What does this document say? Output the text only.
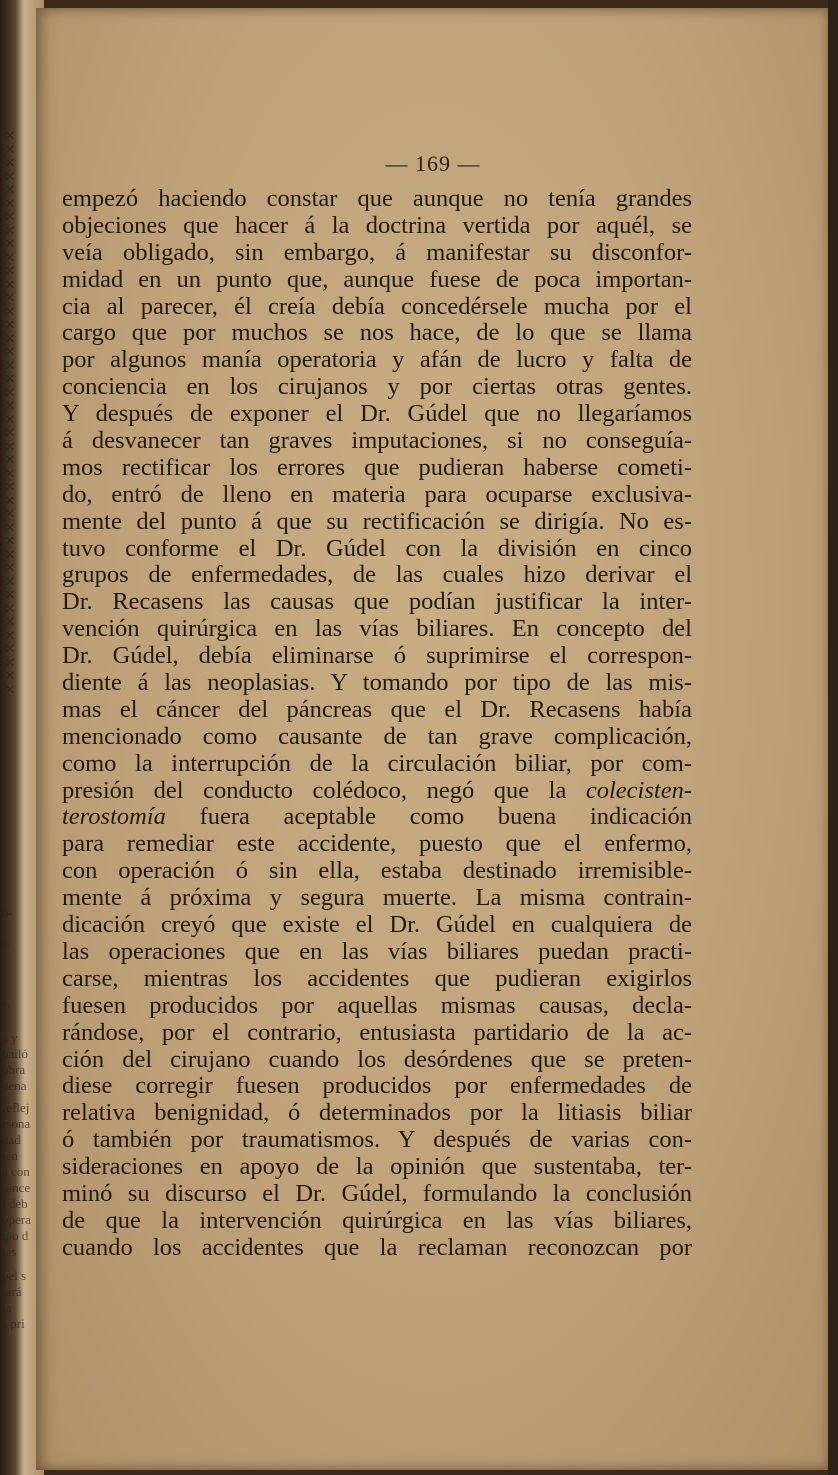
✕
✕
✕
✕
✕
✕
✕
✕
✕
✕
✕
✕
✕
✕
✕
✕
✕
✕
✕
✕
✕
✕
✕
✕
✕
✕
✕
✕
✕
✕
✕
✕
✕
✕
✕
✕
✕
✕
✕
✕
✕
✕
o-
i-
s,
a y
bailó
obra
dena
reflej
rsona
dad
ien
a con
uince
l deb
opera
ipo d
las
pel s
tará
la
s pri
— 169 —
empezó haciendo constar que aunque no tenía grandes
objeciones que hacer á la doctrina vertida por aquél, se
veía obligado, sin embargo, á manifestar su disconfor-
midad en un punto que, aunque fuese de poca importan-
cia al parecer, él creía debía concedérsele mucha por el
cargo que por muchos se nos hace, de lo que se llama
por algunos manía operatoria y afán de lucro y falta de
conciencia en los cirujanos y por ciertas otras gentes.
Y después de exponer el Dr. Gúdel que no llegaríamos
á desvanecer tan graves imputaciones, si no conseguía-
mos rectificar los errores que pudieran haberse cometi-
do, entró de lleno en materia para ocuparse exclusiva-
mente del punto á que su rectificación se dirigía. No es-
tuvo conforme el Dr. Gúdel con la división en cinco
grupos de enfermedades, de las cuales hizo derivar el
Dr. Recasens las causas que podían justificar la inter-
vención quirúrgica en las vías biliares. En concepto del
Dr. Gúdel, debía eliminarse ó suprimirse el correspon-
diente á las neoplasias. Y tomando por tipo de las mis-
mas el cáncer del páncreas que el Dr. Recasens había
mencionado como causante de tan grave complicación,
como la interrupción de la circulación biliar, por com-
presión del conducto colédoco, negó que la colecisten-
terostomía fuera aceptable como buena indicación
para remediar este accidente, puesto que el enfermo,
con operación ó sin ella, estaba destinado irremisible-
mente á próxima y segura muerte. La misma contrain-
dicación creyó que existe el Dr. Gúdel en cualquiera de
las operaciones que en las vías biliares puedan practi-
carse, mientras los accidentes que pudieran exigirlos
fuesen producidos por aquellas mismas causas, decla-
rándose, por el contrario, entusiasta partidario de la ac-
ción del cirujano cuando los desórdenes que se preten-
diese corregir fuesen producidos por enfermedades de
relativa benignidad, ó determinados por la litiasis biliar
ó también por traumatismos. Y después de varias con-
sideraciones en apoyo de la opinión que sustentaba, ter-
minó su discurso el Dr. Gúdel, formulando la conclusión
de que la intervención quirúrgica en las vías biliares,
cuando los accidentes que la reclaman reconozcan por
